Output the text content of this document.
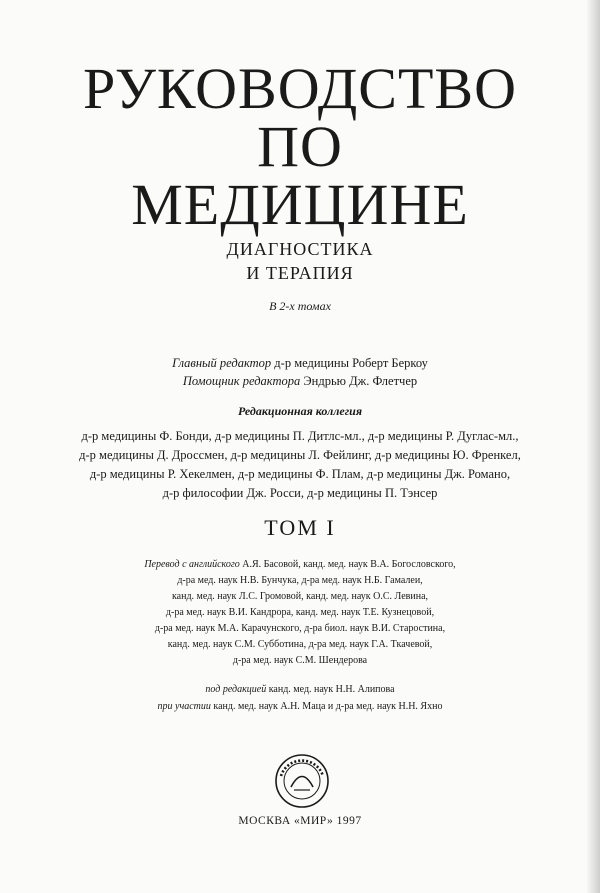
РУКОВОДСТВО
ПО
МЕДИЦИНЕ
ДИАГНОСТИКА
И ТЕРАПИЯ
В 2-х томах
Главный редактор д-р медицины Роберт Беркоу
Помощник редактора Эндрью Дж. Флетчер
Редакционная коллегия
д-р медицины Ф. Бонди, д-р медицины П. Дитлс-мл., д-р медицины Р. Дуглас-мл.,
д-р медицины Д. Дроссмен, д-р медицины Л. Фейлинг, д-р медицины Ю. Френкел,
д-р медицины Р. Хекелмен, д-р медицины Ф. Плам, д-р медицины Дж. Романо,
д-р философии Дж. Росси, д-р медицины П. Тэнсер
ТОМ I
Перевод с английского А.Я. Басовой, канд. мед. наук В.А. Богословского,
д-ра мед. наук Н.В. Бунчука, д-ра мед. наук Н.Б. Гамалеи,
канд. мед. наук Л.С. Громовой, канд. мед. наук О.С. Левина,
д-ра мед. наук В.И. Кандрора, канд. мед. наук Т.Е. Кузнецовой,
д-ра мед. наук М.А. Карачунского, д-ра биол. наук В.И. Старостина,
канд. мед. наук С.М. Субботина, д-ра мед. наук Г.А. Ткачевой,
д-ра мед. наук С.М. Шендерова
под редакцией канд. мед. наук Н.Н. Алипова
при участии канд. мед. наук А.Н. Маца и д-ра мед. наук Н.Н. Яхно
МОСКВА «МИР» 1997
